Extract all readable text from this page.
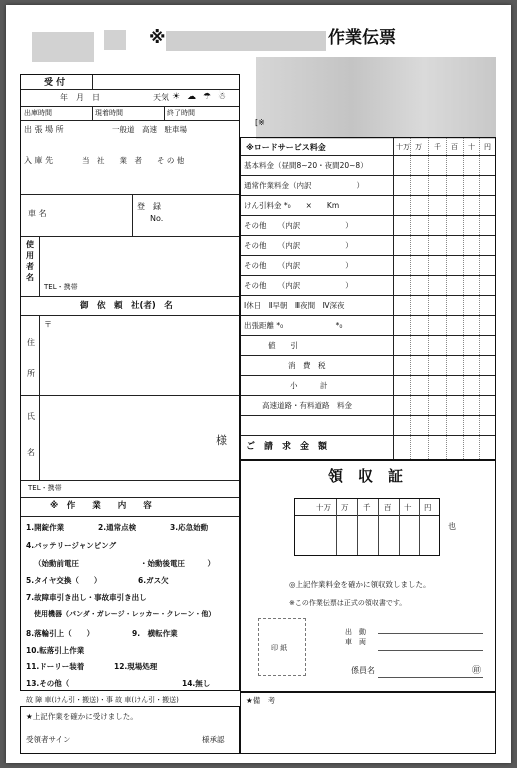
※	作業伝票
[※
受 付
年　月　日	天気 ☀ ☁ ☂ ☃
出庫時間	現着時間	終了時間
出 張 場 所	一般道　高速　駐車場
入 庫 先	当　社　　業　者　　そ の 他
車 名
登　録
No.
使
用
者
名
TEL・携帯
御　依　頼　社(者)　名
住
所
〒
氏
名
様
TEL・携帯
※　作　　業　　内　　容
1.開錠作業	2.通常点検	3.応急始動
4.バッテリージャンピング
（始動前電圧	・始動後電圧　　　）
5.タイヤ交換（　　）	6.ガス欠
7.故障車引き出し・事故車引き出し
使用機器（パンダ・ガレージ・レッカー・クレーン・他）
8.落輪引上（　　）	9.　横転作業
10.転落引上作業
11.ドーリー装着	12.現場処理
13.その他（	14.無し
故 障 車(けん引・搬送)・事 故 車(けん引・搬送)
★上記作業を確かに受けました。
受領者サイン	様承認
※ロードサービス料金	十万 万 千 百 十 円
基本料金（昼間8~20・夜間20~8）
通常作業料金（内訳　　　　　　）
けん引料金 *₀　　×　　Km
その他　　（内訳　　　　　　）
その他　　（内訳　　　　　　）
その他　　（内訳　　　　　　）
その他　　（内訳　　　　　　）
Ⅰ休日　Ⅱ早朝　Ⅲ夜間　Ⅳ深夜
出張距離 *₀　　　　　　　*₀
値　　引
消　費　税
小　　　計
高速道路・有料道路　料金
ご　請　求　金　額
領　収　証
十万 万 千 百 十 円
也
◎上記作業料金を確かに領収致しました。
※この作業伝票は正式の領収書です。
印 紙
出　動
車　両
係員名	㊞
★備　考
